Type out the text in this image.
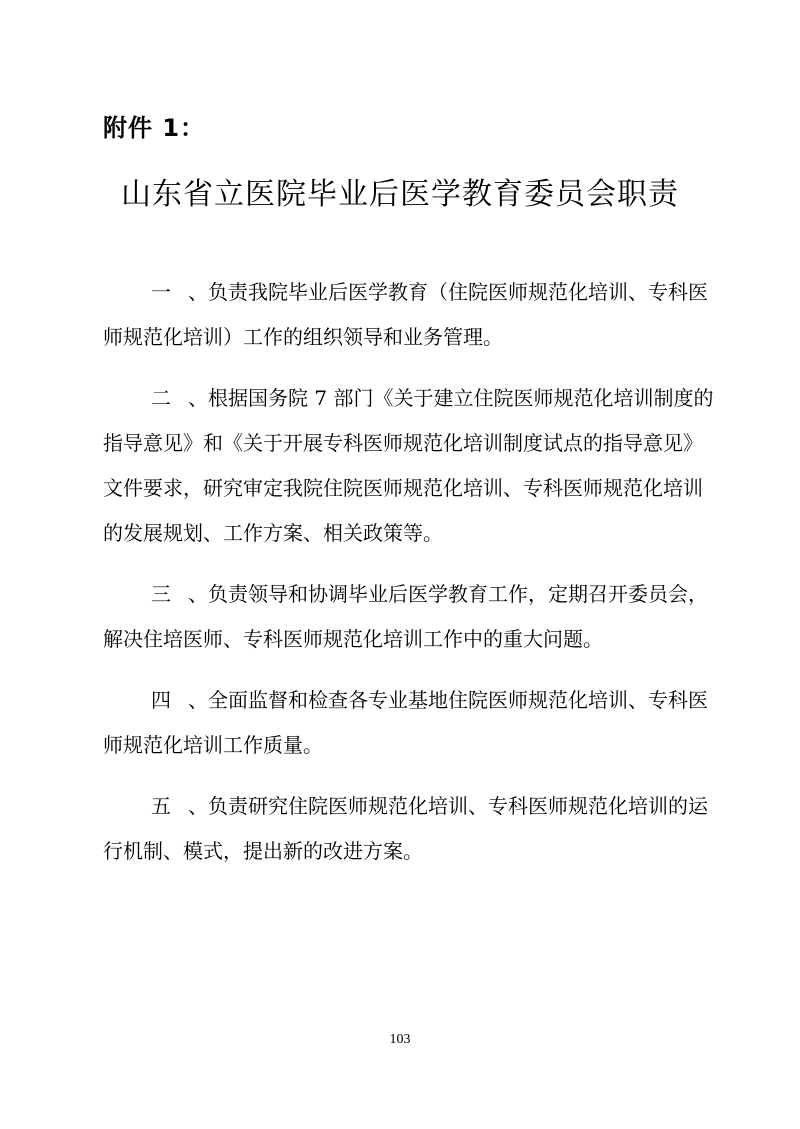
附件 1：
山东省立医院毕业后医学教育委员会职责
一、负责我院毕业后医学教育（住院医师规范化培训、专科医
师规范化培训）工作的组织领导和业务管理。
二、根据国务院 7 部门《关于建立住院医师规范化培训制度的
指导意见》和《关于开展专科医师规范化培训制度试点的指导意见》
文件要求，研究审定我院住院医师规范化培训、专科医师规范化培训
的发展规划、工作方案、相关政策等。
三、负责领导和协调毕业后医学教育工作，定期召开委员会，
解决住培医师、专科医师规范化培训工作中的重大问题。
四、全面监督和检查各专业基地住院医师规范化培训、专科医
师规范化培训工作质量。
五、负责研究住院医师规范化培训、专科医师规范化培训的运
行机制、模式，提出新的改进方案。
103
